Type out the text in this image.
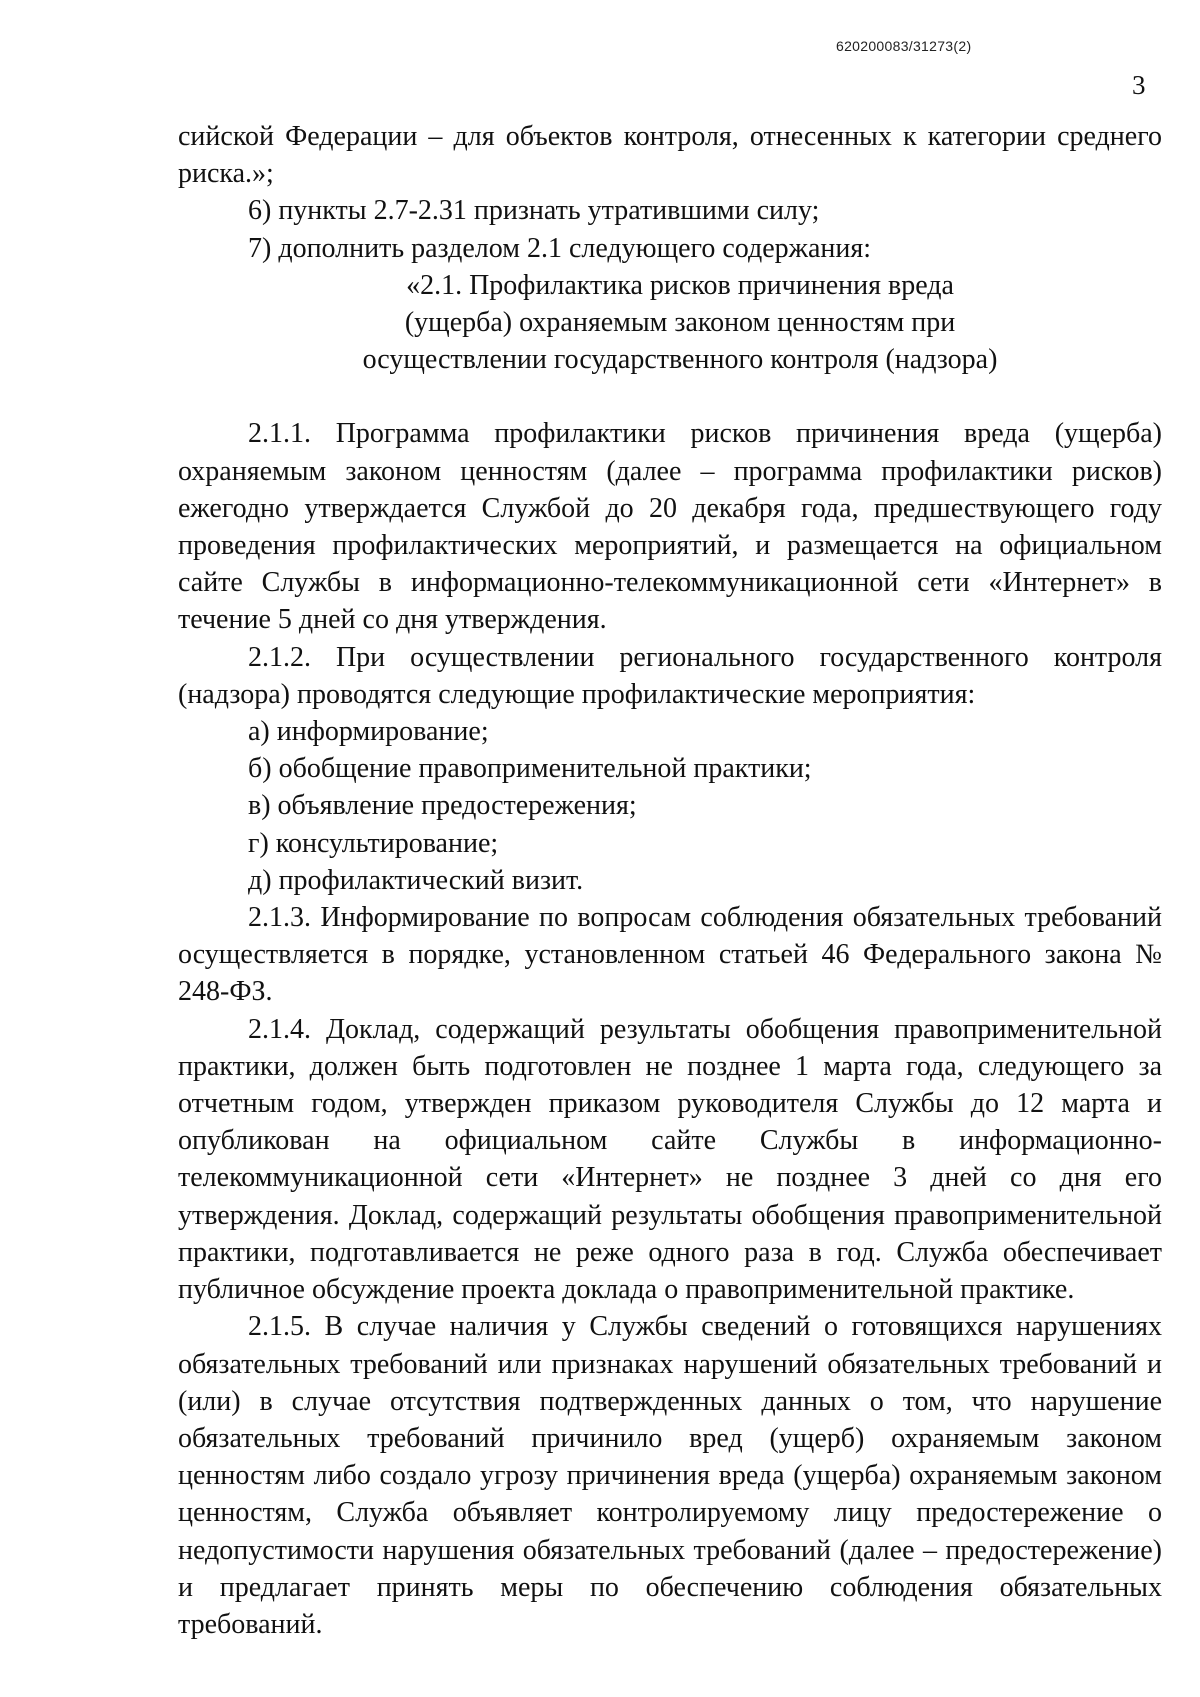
620200083/31273(2)
3

сийской Федерации – для объектов контроля, отнесенных к категории среднего риска.»;

6) пункты 2.7-2.31 признать утратившими силу;

7) дополнить разделом 2.1 следующего содержания:

«2.1. Профилактика рисков причинения вреда
(ущерба) охраняемым законом ценностям при
осуществлении государственного контроля (надзора)

2.1.1. Программа профилактики рисков причинения вреда (ущерба) охраняемым законом ценностям (далее – программа профилактики рисков) ежегодно утверждается Службой до 20 декабря года, предшествующего году проведения профилактических мероприятий, и размещается на официальном сайте Службы в информационно-телекоммуникационной сети «Интернет» в течение 5 дней со дня утверждения.

2.1.2. При осуществлении регионального государственного контроля (надзора) проводятся следующие профилактические мероприятия:

а) информирование;

б) обобщение правоприменительной практики;

в) объявление предостережения;

г) консультирование;

д) профилактический визит.

2.1.3. Информирование по вопросам соблюдения обязательных требований осуществляется в порядке, установленном статьей 46 Федерального закона № 248-ФЗ.

2.1.4. Доклад, содержащий результаты обобщения правоприменительной практики, должен быть подготовлен не позднее 1 марта года, следующего за отчетным годом, утвержден приказом руководителя Службы до 12 марта и опубликован на официальном сайте Службы в информационно-телекоммуникационной сети «Интернет» не позднее 3 дней со дня его утверждения. Доклад, содержащий результаты обобщения правоприменительной практики, подготавливается не реже одного раза в год. Служба обеспечивает публичное обсуждение проекта доклада о правоприменительной практике.

2.1.5. В случае наличия у Службы сведений о готовящихся нарушениях обязательных требований или признаках нарушений обязательных требований и (или) в случае отсутствия подтвержденных данных о том, что нарушение обязательных требований причинило вред (ущерб) охраняемым законом ценностям либо создало угрозу причинения вреда (ущерба) охраняемым законом ценностям, Служба объявляет контролируемому лицу предостережение о недопустимости нарушения обязательных требований (далее – предостережение) и предлагает принять меры по обеспечению соблюдения обязательных требований.
